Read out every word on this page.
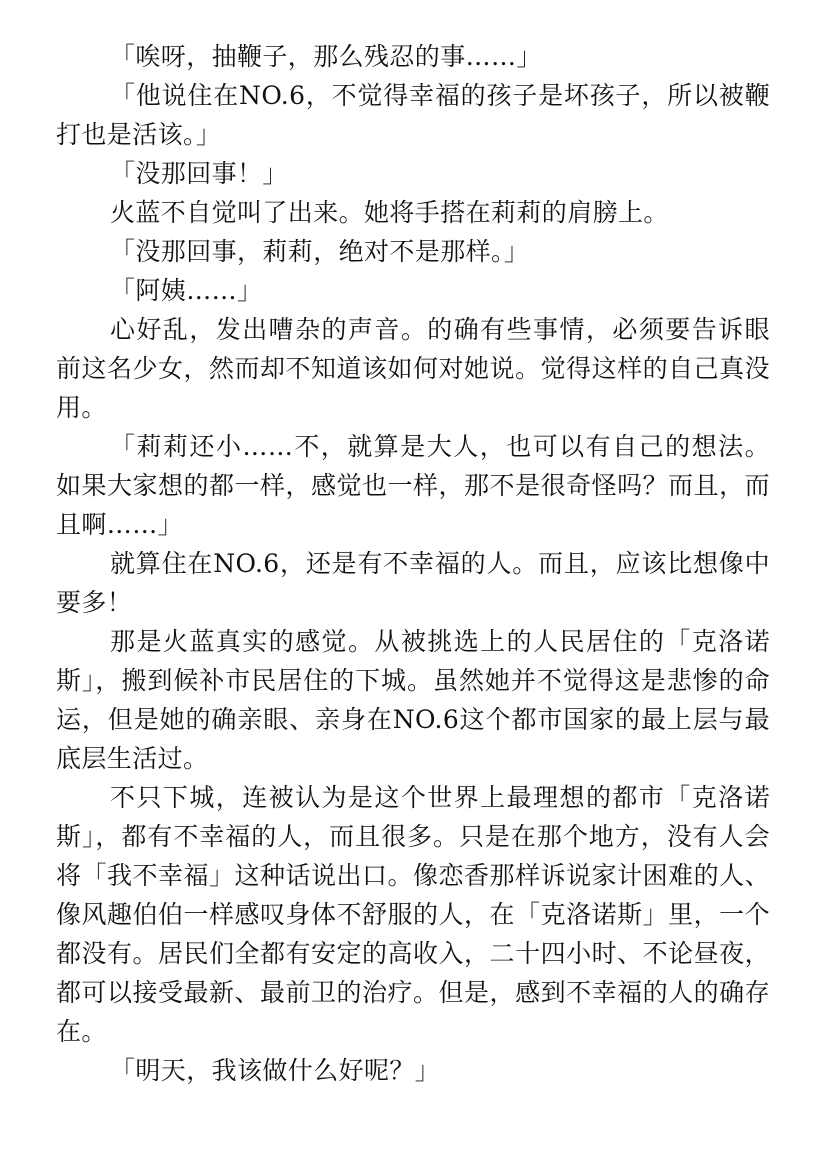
「唉呀，抽鞭子，那么残忍的事……」

「他说住在NO.6，不觉得幸福的孩子是坏孩子，所以被鞭打也是活该。」

「没那回事！」

火蓝不自觉叫了出来。她将手搭在莉莉的肩膀上。

「没那回事，莉莉，绝对不是那样。」

「阿姨……」

心好乱，发出嘈杂的声音。的确有些事情，必须要告诉眼前这名少女，然而却不知道该如何对她说。觉得这样的自己真没用。

「莉莉还小……不，就算是大人，也可以有自己的想法。如果大家想的都一样，感觉也一样，那不是很奇怪吗？而且，而且啊……」

就算住在NO.6，还是有不幸福的人。而且，应该比想像中要多！

那是火蓝真实的感觉。从被挑选上的人民居住的「克洛诺斯」，搬到候补市民居住的下城。虽然她并不觉得这是悲惨的命运，但是她的确亲眼、亲身在NO.6这个都市国家的最上层与最底层生活过。

不只下城，连被认为是这个世界上最理想的都市「克洛诺斯」，都有不幸福的人，而且很多。只是在那个地方，没有人会将「我不幸福」这种话说出口。像恋香那样诉说家计困难的人、像风趣伯伯一样感叹身体不舒服的人，在「克洛诺斯」里，一个都没有。居民们全都有安定的高收入，二十四小时、不论昼夜，都可以接受最新、最前卫的治疗。但是，感到不幸福的人的确存在。

「明天，我该做什么好呢？」
